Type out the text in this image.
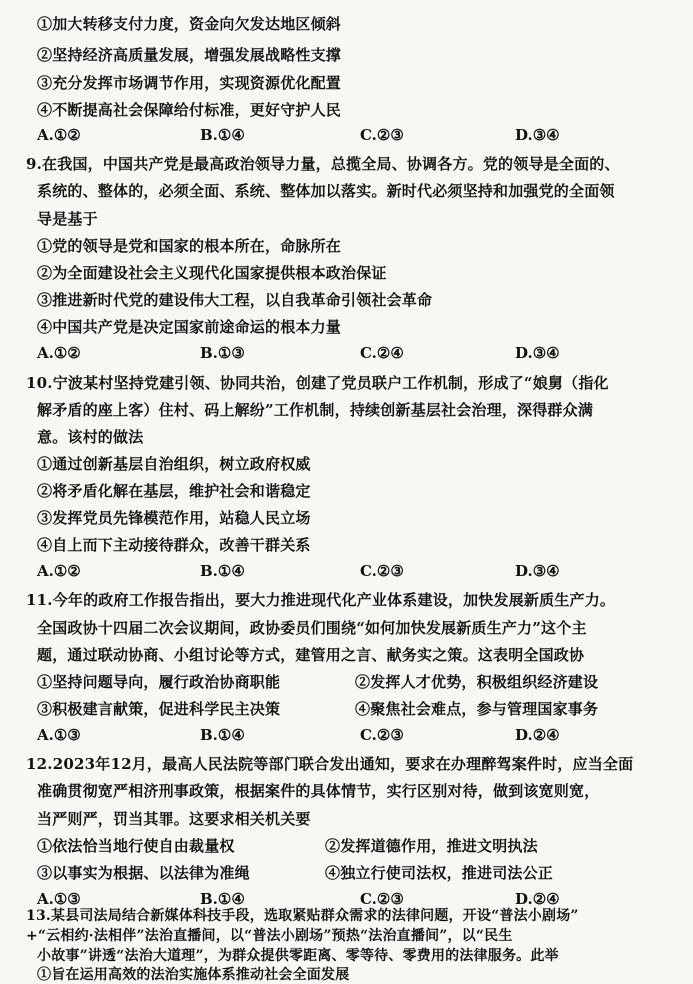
①加大转移支付力度，资金向欠发达地区倾斜
②坚持经济高质量发展，增强发展战略性支撑
③充分发挥市场调节作用，实现资源优化配置
④不断提高社会保障给付标准，更好守护人民
A.①②	B.①④	C.②③	D.③④
9.在我国，中国共产党是最高政治领导力量，总揽全局、协调各方。党的领导是全面的、
系统的、整体的，必须全面、系统、整体加以落实。新时代必须坚持和加强党的全面领
导是基于
①党的领导是党和国家的根本所在，命脉所在
②为全面建设社会主义现代化国家提供根本政治保证
③推进新时代党的建设伟大工程，以自我革命引领社会革命
④中国共产党是决定国家前途命运的根本力量
A.①②	B.①③	C.②④	D.③④
10.宁波某村坚持党建引领、协同共治，创建了党员联户工作机制，形成了“娘舅（指化
解矛盾的座上客）住村、码上解纷”工作机制，持续创新基层社会治理，深得群众满
意。该村的做法
①通过创新基层自治组织，树立政府权威
②将矛盾化解在基层，维护社会和谐稳定
③发挥党员先锋模范作用，站稳人民立场
④自上而下主动接待群众，改善干群关系
A.①②	B.①④	C.②③	D.③④
11.今年的政府工作报告指出，要大力推进现代化产业体系建设，加快发展新质生产力。
全国政协十四届二次会议期间，政协委员们围绕“如何加快发展新质生产力”这个主
题，通过联动协商、小组讨论等方式，建管用之言、献务实之策。这表明全国政协
①坚持问题导向，履行政治协商职能	②发挥人才优势，积极组织经济建设
③积极建言献策，促进科学民主决策	④聚焦社会难点，参与管理国家事务
A.①③	B.①④	C.②③	D.②④
12.2023年12月，最高人民法院等部门联合发出通知，要求在办理醉驾案件时，应当全面
准确贯彻宽严相济刑事政策，根据案件的具体情节，实行区别对待，做到该宽则宽，
当严则严，罚当其罪。这要求相关机关要
①依法恰当地行使自由裁量权	②发挥道德作用，推进文明执法
③以事实为根据、以法律为准绳	④独立行使司法权，推进司法公正
A.①③	B.①④	C.②③	D.②④
13.某县司法局结合新媒体科技手段，选取紧贴群众需求的法律问题，开设“普法小剧场”
+“云相约·法相伴”法治直播间，以“普法小剧场”预热“法治直播间”，以“民生
小故事”讲透“法治大道理”，为群众提供零距离、零等待、零费用的法律服务。此举
①旨在运用高效的法治实施体系推动社会全面发展
